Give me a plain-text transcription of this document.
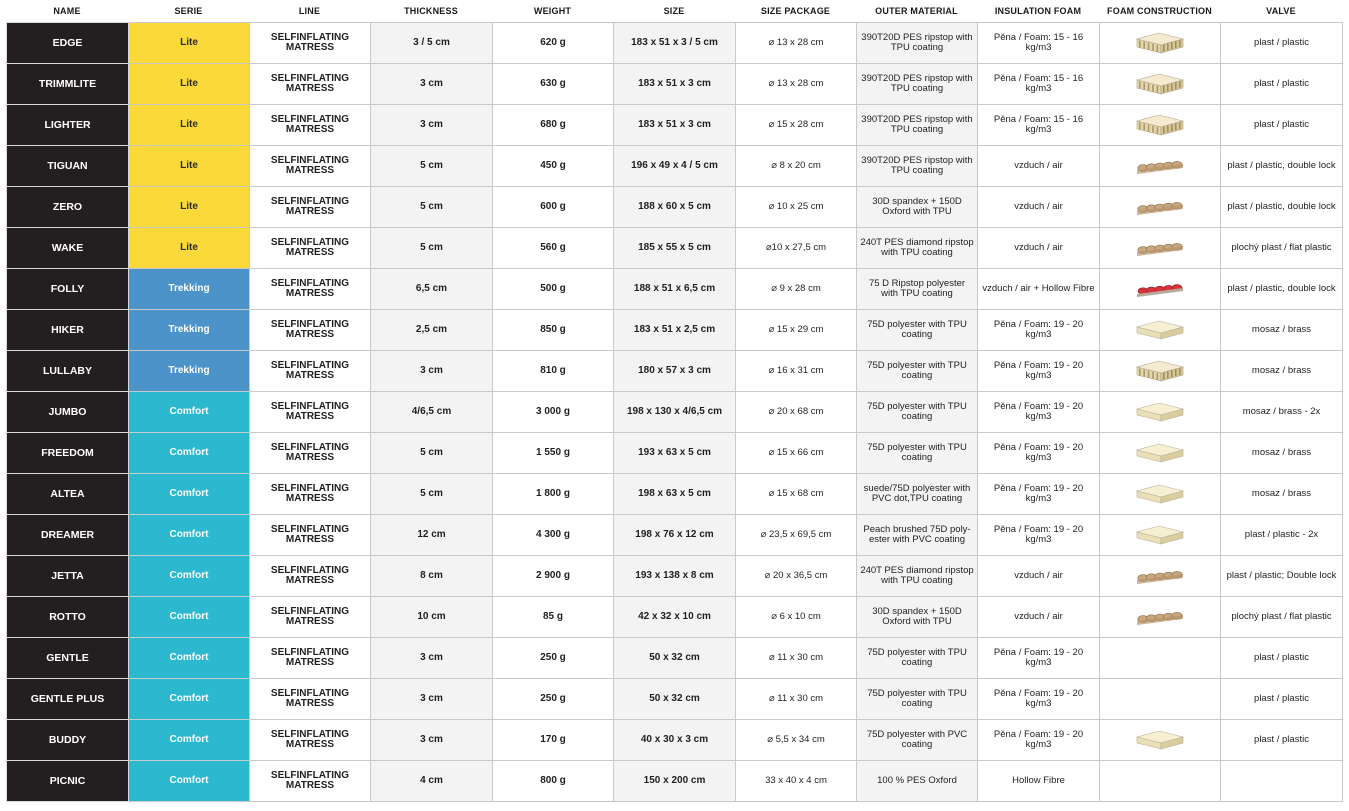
NAME	SERIE	LINE	THICKNESS	WEIGHT	SIZE	SIZE PACKAGE	OUTER MATERIAL	INSULATION FOAM	FOAM CONSTRUCTION	VALVE
EDGE	Lite	SELFINFLATING MATRESS	3 / 5 cm	620 g	183 x 51 x 3 / 5 cm	⌀ 13 x 28 cm	390T20D PES ripstop with TPU coating	Pěna / Foam: 15 - 16 kg/m3		plast / plastic
TRIMMLITE	Lite	SELFINFLATING MATRESS	3 cm	630 g	183 x 51 x 3 cm	⌀ 13 x 28 cm	390T20D PES ripstop with TPU coating	Pěna / Foam: 15 - 16 kg/m3		plast / plastic
LIGHTER	Lite	SELFINFLATING MATRESS	3 cm	680 g	183 x 51 x 3 cm	⌀ 15 x 28 cm	390T20D PES ripstop with TPU coating	Pěna / Foam: 15 - 16 kg/m3		plast / plastic
TIGUAN	Lite	SELFINFLATING MATRESS	5 cm	450 g	196 x 49 x 4 / 5 cm	⌀ 8 x 20 cm	390T20D PES ripstop with TPU coating	vzduch / air		plast / plastic, double lock
ZERO	Lite	SELFINFLATING MATRESS	5 cm	600 g	188 x 60 x 5 cm	⌀ 10 x 25 cm	30D spandex + 150D Oxford with TPU	vzduch / air		plast / plastic, double lock
WAKE	Lite	SELFINFLATING MATRESS	5 cm	560 g	185 x 55 x 5 cm	⌀10 x 27,5 cm	240T PES diamond ripstop with TPU coating	vzduch / air		plochý plast / flat plastic
FOLLY	Trekking	SELFINFLATING MATRESS	6,5 cm	500 g	188 x 51 x 6,5 cm	⌀ 9 x 28 cm	75 D Ripstop polyester with TPU coating	vzduch / air + Hollow Fibre		plast / plastic, double lock
HIKER	Trekking	SELFINFLATING MATRESS	2,5 cm	850 g	183 x 51 x 2,5 cm	⌀ 15 x 29 cm	75D polyester with TPU coating	Pěna / Foam: 19 - 20 kg/m3		mosaz / brass
LULLABY	Trekking	SELFINFLATING MATRESS	3 cm	810 g	180 x 57 x 3 cm	⌀ 16 x 31 cm	75D polyester with TPU coating	Pěna / Foam: 19 - 20 kg/m3		mosaz / brass
JUMBO	Comfort	SELFINFLATING MATRESS	4/6,5 cm	3 000 g	198 x 130 x 4/6,5 cm	⌀ 20 x 68 cm	75D polyester with TPU coating	Pěna / Foam: 19 - 20 kg/m3		mosaz / brass - 2x
FREEDOM	Comfort	SELFINFLATING MATRESS	5 cm	1 550 g	193 x 63 x 5 cm	⌀ 15 x 66 cm	75D polyester with TPU coating	Pěna / Foam: 19 - 20 kg/m3		mosaz / brass
ALTEA	Comfort	SELFINFLATING MATRESS	5 cm	1 800 g	198 x 63 x 5 cm	⌀ 15 x 68 cm	suede/75D polyester with PVC dot,TPU coating	Pěna / Foam: 19 - 20 kg/m3		mosaz / brass
DREAMER	Comfort	SELFINFLATING MATRESS	12 cm	4 300 g	198 x 76 x 12 cm	⌀ 23,5 x 69,5 cm	Peach brushed 75D poly-ester with PVC coating	Pěna / Foam: 19 - 20 kg/m3		plast / plastic - 2x
JETTA	Comfort	SELFINFLATING MATRESS	8 cm	2 900 g	193 x 138 x 8 cm	⌀ 20 x 36,5 cm	240T PES diamond ripstop with TPU coating	vzduch / air		plast / plastic; Double lock
ROTTO	Comfort	SELFINFLATING MATRESS	10 cm	85 g	42 x 32 x 10 cm	⌀ 6 x 10 cm	30D spandex + 150D Oxford with TPU	vzduch / air		plochý plast / flat plastic
GENTLE	Comfort	SELFINFLATING MATRESS	3 cm	250 g	50 x 32 cm	⌀ 11 x 30 cm	75D polyester with TPU coating	Pěna / Foam: 19 - 20 kg/m3		plast / plastic
GENTLE PLUS	Comfort	SELFINFLATING MATRESS	3 cm	250 g	50 x 32 cm	⌀ 11 x 30 cm	75D polyester with TPU coating	Pěna / Foam: 19 - 20 kg/m3		plast / plastic
BUDDY	Comfort	SELFINFLATING MATRESS	3 cm	170 g	40 x 30 x 3 cm	⌀ 5,5 x 34 cm	75D polyester with PVC coating	Pěna / Foam: 19 - 20 kg/m3		plast / plastic
PICNIC	Comfort	SELFINFLATING MATRESS	4 cm	800 g	150 x 200 cm	33 x 40 x 4 cm	100 % PES Oxford	Hollow Fibre		
